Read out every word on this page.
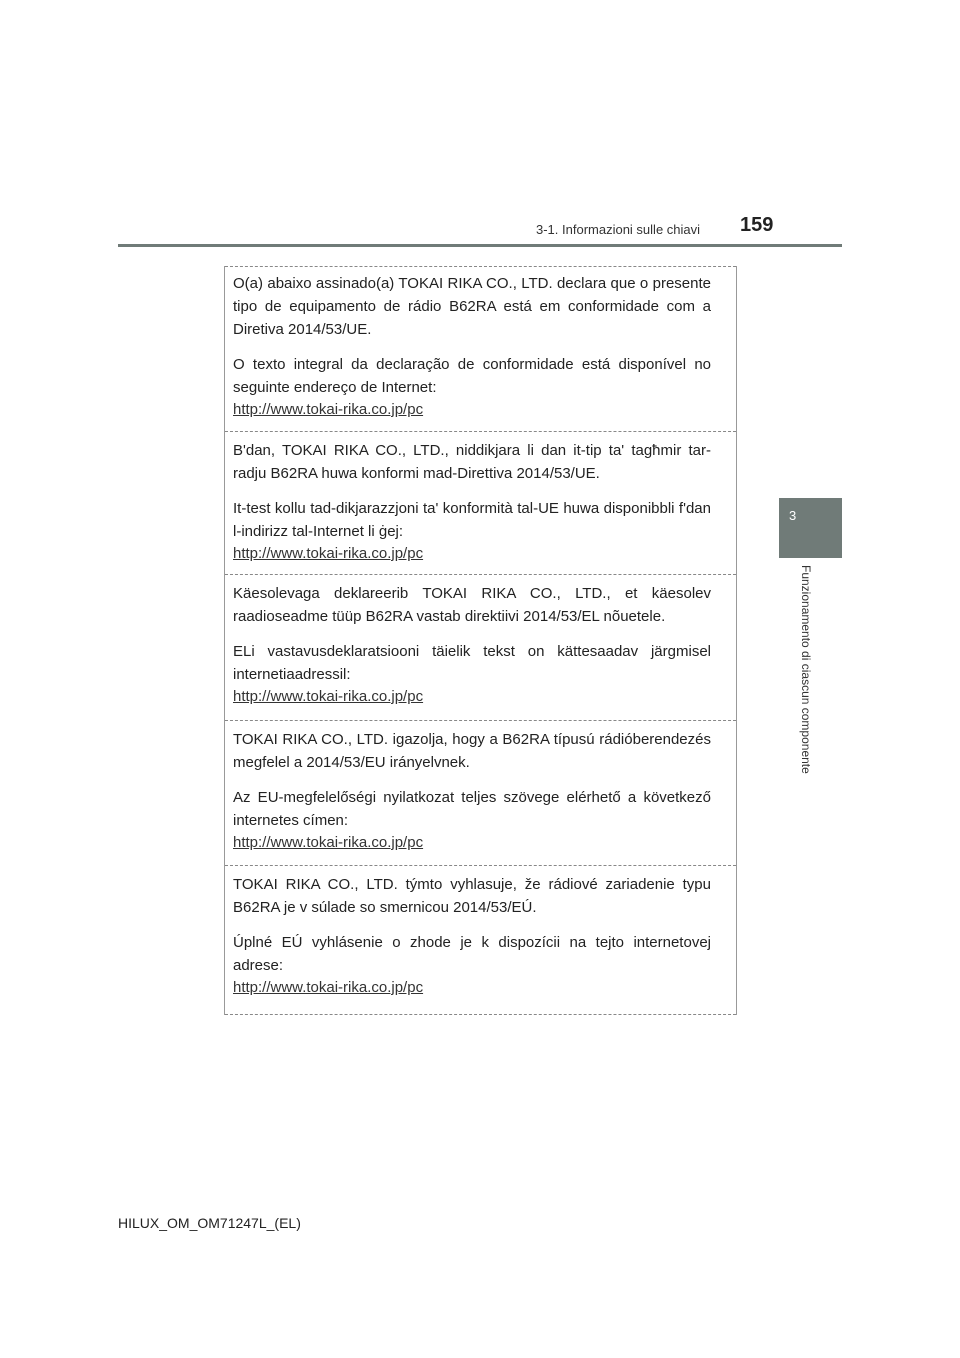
3-1. Informazioni sulle chiavi 159
3
Funzionamento di ciascun componente

O(a) abaixo assinado(a) TOKAI RIKA CO., LTD. declara que o presente tipo de equipamento de rádio B62RA está em conformidade com a Diretiva 2014/53/UE.

O texto integral da declaração de conformidade está disponível no seguinte endereço de Internet:

http://www.tokai-rika.co.jp/pc

B'dan, TOKAI RIKA CO., LTD., niddikjara li dan it-tip ta' tagħmir tar-radju B62RA huwa konformi mad-Direttiva 2014/53/UE.

It-test kollu tad-dikjarazzjoni ta' konformità tal-UE huwa disponibbli f'dan l-indirizz tal-Internet li ġej:

http://www.tokai-rika.co.jp/pc

Käesolevaga deklareerib TOKAI RIKA CO., LTD., et käesolev raadioseadme tüüp B62RA vastab direktiivi 2014/53/EL nõuetele.

ELi vastavusdeklaratsiooni täielik tekst on kättesaadav järgmisel internetiaadressil:

http://www.tokai-rika.co.jp/pc

TOKAI RIKA CO., LTD. igazolja, hogy a B62RA típusú rádióberendezés megfelel a 2014/53/EU irányelvnek.

Az EU-megfelelőségi nyilatkozat teljes szövege elérhető a következő internetes címen:

http://www.tokai-rika.co.jp/pc

TOKAI RIKA CO., LTD. týmto vyhlasuje, že rádiové zariadenie typu B62RA je v súlade so smernicou 2014/53/EÚ.

Úplné EÚ vyhlásenie o zhode je k dispozícii na tejto internetovej adrese:

http://www.tokai-rika.co.jp/pc
HILUX_OM_OM71247L_(EL)
